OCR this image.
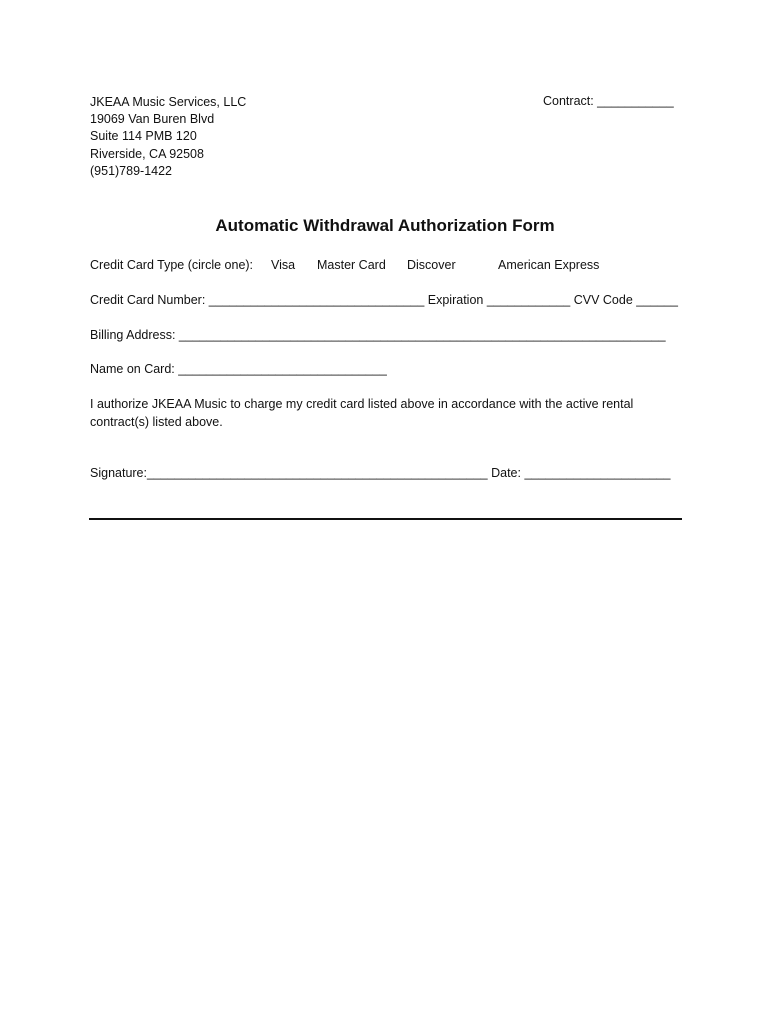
JKEAA Music Services, LLC
19069 Van Buren Blvd
Suite 114 PMB 120
Riverside, CA 92508
(951)789-1422
Contract: ___________
Automatic Withdrawal Authorization Form
Credit Card Type (circle one): Visa Master Card Discover	American Express
Credit Card Number: _______________________________ Expiration ____________ CVV Code ______
Billing Address: ______________________________________________________________________
Name on Card: ______________________________
I authorize JKEAA Music to charge my credit card listed above in accordance with the active rental contract(s) listed above.
Signature:_________________________________________________ Date: _____________________
